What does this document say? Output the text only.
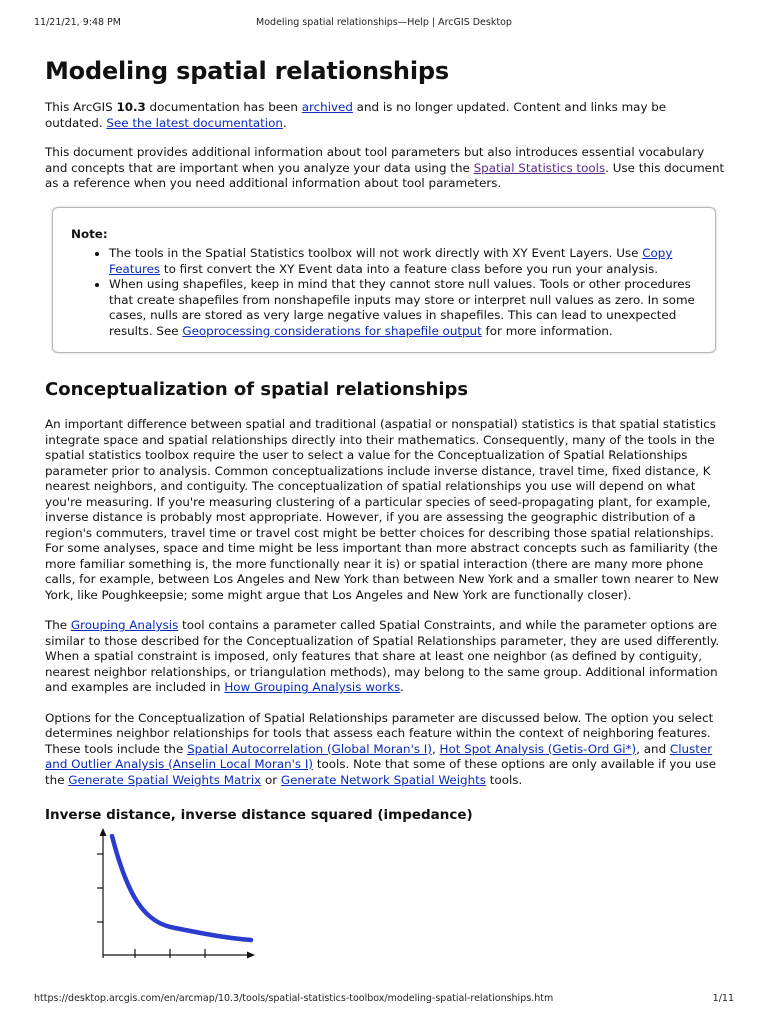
11/21/21, 9:48 PM	Modeling spatial relationships—Help | ArcGIS Desktop
Modeling spatial relationships

This ArcGIS 10.3 documentation has been archived and is no longer updated. Content and links may be outdated. See the latest documentation.

This document provides additional information about tool parameters but also introduces essential vocabulary and concepts that are important when you analyze your data using the Spatial Statistics tools. Use this document as a reference when you need additional information about tool parameters.

Note:
• The tools in the Spatial Statistics toolbox will not work directly with XY Event Layers. Use Copy Features to first convert the XY Event data into a feature class before you run your analysis.
• When using shapefiles, keep in mind that they cannot store null values. Tools or other procedures that create shapefiles from nonshapefile inputs may store or interpret null values as zero. In some cases, nulls are stored as very large negative values in shapefiles. This can lead to unexpected results. See Geoprocessing considerations for shapefile output for more information.
Conceptualization of spatial relationships

An important difference between spatial and traditional (aspatial or nonspatial) statistics is that spatial statistics integrate space and spatial relationships directly into their mathematics. Consequently, many of the tools in the spatial statistics toolbox require the user to select a value for the Conceptualization of Spatial Relationships parameter prior to analysis. Common conceptualizations include inverse distance, travel time, fixed distance, K nearest neighbors, and contiguity. The conceptualization of spatial relationships you use will depend on what you're measuring. If you're measuring clustering of a particular species of seed-propagating plant, for example, inverse distance is probably most appropriate. However, if you are assessing the geographic distribution of a region's commuters, travel time or travel cost might be better choices for describing those spatial relationships. For some analyses, space and time might be less important than more abstract concepts such as familiarity (the more familiar something is, the more functionally near it is) or spatial interaction (there are many more phone calls, for example, between Los Angeles and New York than between New York and a smaller town nearer to New York, like Poughkeepsie; some might argue that Los Angeles and New York are functionally closer).

The Grouping Analysis tool contains a parameter called Spatial Constraints, and while the parameter options are similar to those described for the Conceptualization of Spatial Relationships parameter, they are used differently. When a spatial constraint is imposed, only features that share at least one neighbor (as defined by contiguity, nearest neighbor relationships, or triangulation methods), may belong to the same group. Additional information and examples are included in How Grouping Analysis works.

Options for the Conceptualization of Spatial Relationships parameter are discussed below. The option you select determines neighbor relationships for tools that assess each feature within the context of neighboring features. These tools include the Spatial Autocorrelation (Global Moran's I), Hot Spot Analysis (Getis-Ord Gi*), and Cluster and Outlier Analysis (Anselin Local Moran's I) tools. Note that some of these options are only available if you use the Generate Spatial Weights Matrix or Generate Network Spatial Weights tools.

Inverse distance, inverse distance squared (impedance)
https://desktop.arcgis.com/en/arcmap/10.3/tools/spatial-statistics-toolbox/modeling-spatial-relationships.htm	1/11
